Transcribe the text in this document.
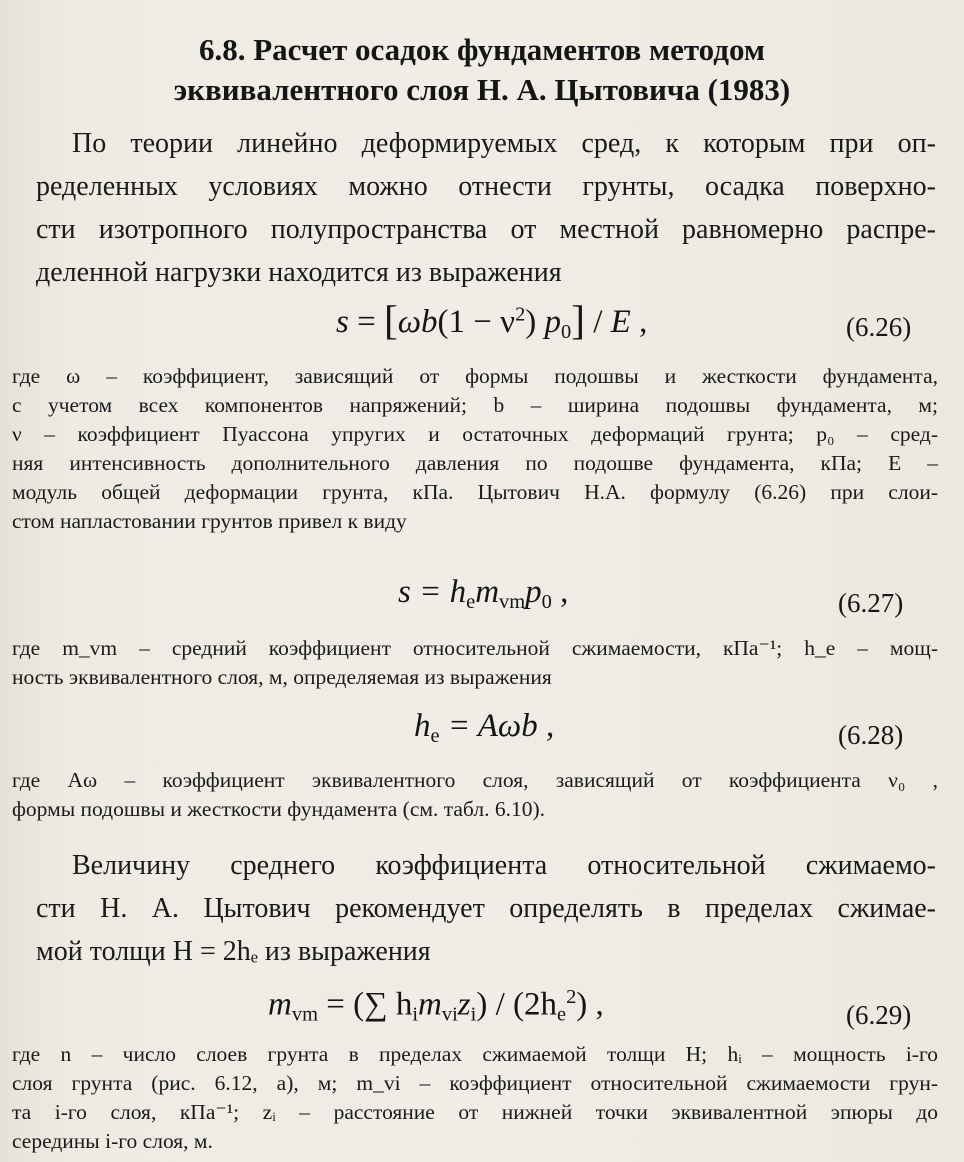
6.8. Расчет осадок фундаментов методом
эквивалентного слоя Н. А. Цытовича (1983)
По теории линейно деформируемых сред, к которым при оп-
ределенных условиях можно отнести грунты, осадка поверхно-
сти изотропного полупространства от местной равномерно распре-
деленной нагрузки находится из выражения
$s = [\omega b(1 - \nu^2)$ $p_0$] / E ,	(6.26)
где ω – коэффициент, зависящий от формы подошвы и жесткости фундамента,
с учетом всех компонентов напряжений; b – ширина подошвы фундамента, м;
ν – коэффициент Пуассона упругих и остаточных деформаций грунта; p₀ – сред-
няя интенсивность дополнительного давления по подошве фундамента, кПа; E –
модуль общей деформации грунта, кПа. Цытович Н.А. формулу (6.26) при слои-
стом напластовании грунтов привел к виду
$s = h_em_{vm}p_0$ ,	(6.27)
где m_vm – средний коэффициент относительной сжимаемости, кПа⁻¹; h_e – мощ-
ность эквивалентного слоя, м, определяемая из выражения
$h_e = A\omega b$ ,	(6.28)
где Aω – коэффициент эквивалентного слоя, зависящий от коэффициента ν₀ ,
формы подошвы и жесткости фундамента (см. табл. 6.10).
Величину среднего коэффициента относительной сжимаемо-
сти Н. А. Цытович рекомендует определять в пределах сжимае-
мой толщи H = 2hₑ из выражения
$m_{vm}$ = (∑ $h_im_{vi}z_i) / (2h_e^2)$ ,	(6.29)
где n – число слоев грунта в пределах сжимаемой толщи H; hᵢ – мощность i-го
слоя грунта (рис. 6.12, a), м; m_vi – коэффициент относительной сжимаемости грун-
та i-го слоя, кПа⁻¹; zᵢ – расстояние от нижней точки эквивалентной эпюры до
середины i-го слоя, м.
